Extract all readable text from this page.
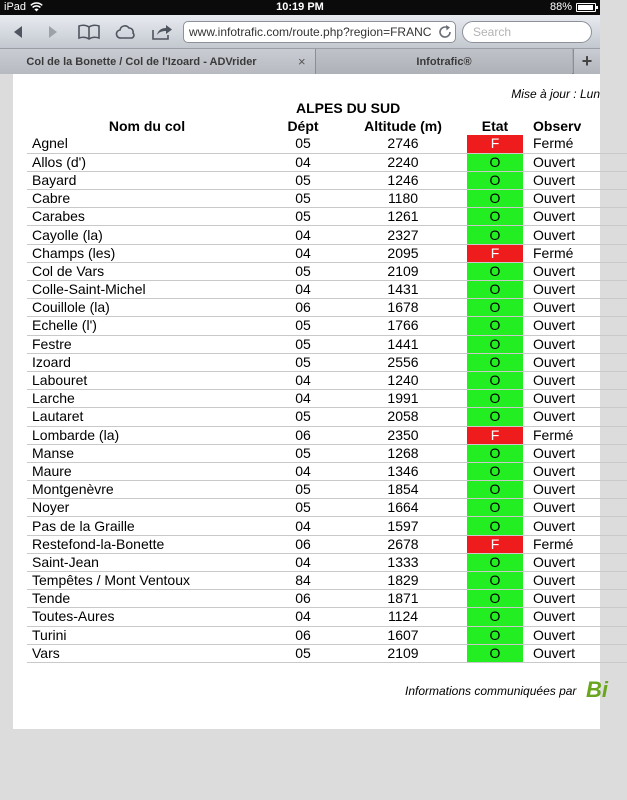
iPad	10:19 PM	88%
www.infotrafic.com/route.php?region=FRANC
Search
Col de la Bonette / Col de l'Izoard - ADVrider	×	Infotrafic®	+
Mise à jour : Lun
ALPES DU SUD
Nom du col	Dépt	Altitude (m)	Etat		Observ
Agnel	05	2746	F		Fermé
Allos (d')	04	2240	O		Ouvert
Bayard	05	1246	O		Ouvert
Cabre	05	1180	O		Ouvert
Carabes	05	1261	O		Ouvert
Cayolle (la)	04	2327	O		Ouvert
Champs (les)	04	2095	F		Fermé
Col de Vars	05	2109	O		Ouvert
Colle-Saint-Michel	04	1431	O		Ouvert
Couillole (la)	06	1678	O		Ouvert
Echelle (l')	05	1766	O		Ouvert
Festre	05	1441	O		Ouvert
Izoard	05	2556	O		Ouvert
Labouret	04	1240	O		Ouvert
Larche	04	1991	O		Ouvert
Lautaret	05	2058	O		Ouvert
Lombarde (la)	06	2350	F		Fermé
Manse	05	1268	O		Ouvert
Maure	04	1346	O		Ouvert
Montgenèvre	05	1854	O		Ouvert
Noyer	05	1664	O		Ouvert
Pas de la Graille	04	1597	O		Ouvert
Restefond-la-Bonette	06	2678	F		Fermé
Saint-Jean	04	1333	O		Ouvert
Tempêtes / Mont Ventoux	84	1829	O		Ouvert
Tende	06	1871	O		Ouvert
Toutes-Aures	04	1124	O		Ouvert
Turini	06	1607	O		Ouvert
Vars	05	2109	O		Ouvert
Informations communiquées par Bi
